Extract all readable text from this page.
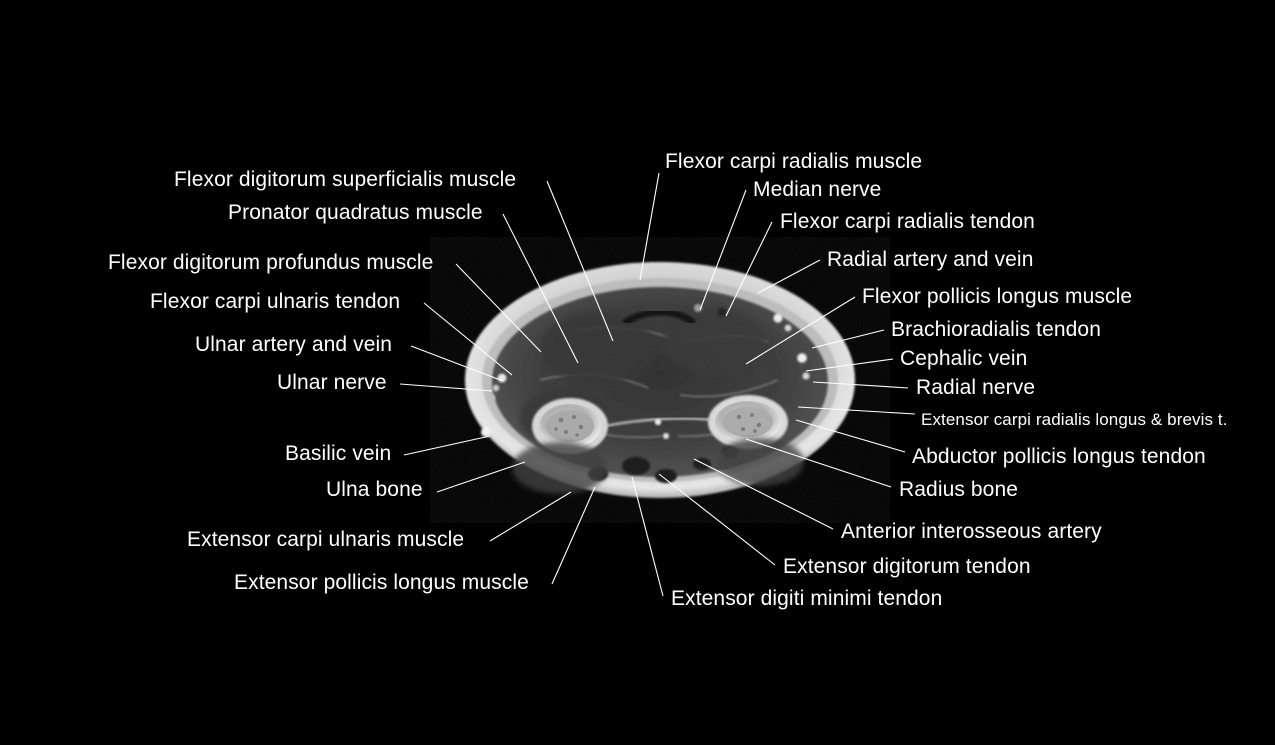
Flexor digitorum superficialis muscle
Pronator quadratus muscle
Flexor digitorum profundus muscle
Flexor carpi ulnaris tendon
Ulnar artery and vein
Ulnar nerve
Basilic vein
Ulna bone
Extensor carpi ulnaris muscle
Extensor pollicis longus muscle
Flexor carpi radialis muscle
Median nerve
Flexor carpi radialis tendon
Radial artery and vein
Flexor pollicis longus muscle
Brachioradialis tendon
Cephalic vein
Radial nerve
Extensor carpi radialis longus & brevis t.
Abductor pollicis longus tendon
Radius bone
Anterior interosseous artery
Extensor digitorum tendon
Extensor digiti minimi tendon
